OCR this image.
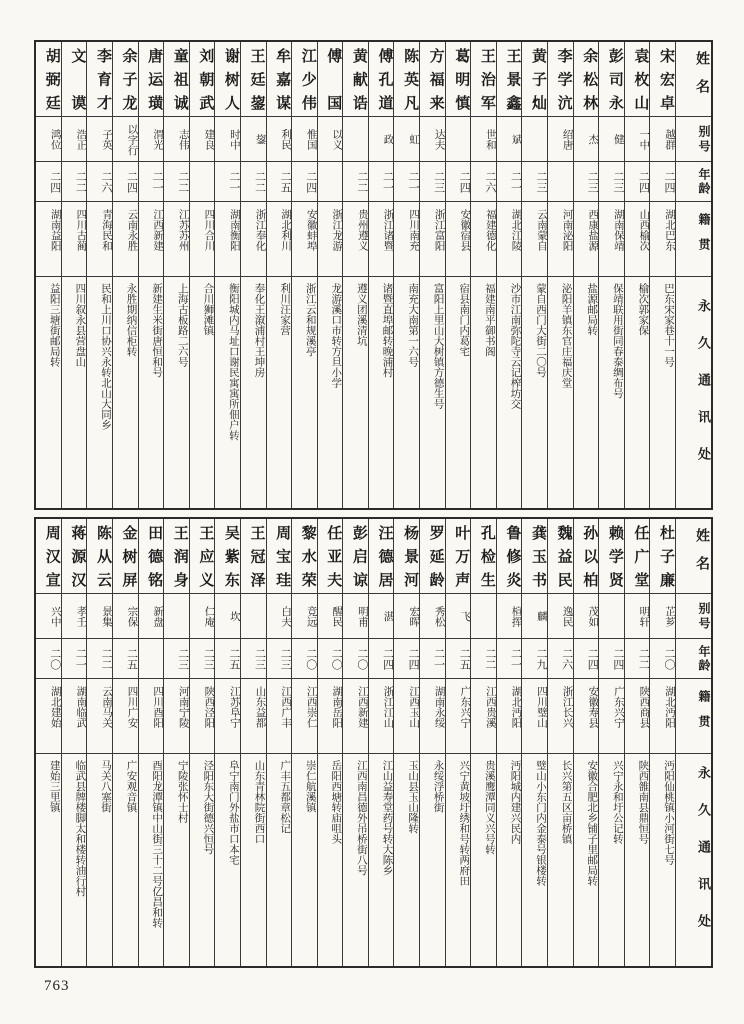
姓名
别号
年龄
籍贯
永久通讯处
宋宏卓
越群
二四
湖北巴东
巴东宋家巷十一号
袁枚山
一中
二四
山西榆次
榆次郭家保
彭司永
健
二三
湖南保靖
保靖联用街同春泰绸布号
余松林
杰
二三
西康盐源
盐源邮局转
李学沆
绍唐
河南泌阳
泌阳羊镇东官庄福庆堂
黄子灿
二三
云南蒙自
蒙自西门大街二〇号
王景鑫
斌
二一
湖北江陵
沙市江南弥陀寺云记榨坊交
王治军
世和
二六
福建德化
福建南平御书阁
葛明慎
二四
安徽宿县
宿县南门内葛宅
方福来
达夫
二三
浙江富阳
富阳上里山大树镇方德生号
陈英凡
虹
二一
四川南充
南充大南第一六号
傅孔道
政
二一
浙江诸暨
诸暨直埠邮转晚浦村
黄献诰
二二
贵州遵义
遵义团溪清坑
傅国
以义
浙江龙游
龙游溪口市转方旦小学
江少伟
惟国
二四
安徽蚌埠
浙江云和规溪亭
牟嘉谋
利民
二五
湖北利川
利川汪家营
王廷鋆
鋆
二二
浙江奉化
奉化王溆浦村王坤房
谢树人
时中
二一
湖南衡阳
衡阳城内马址口谢民寓寓所佃户转
刘朝武
建良
四川合川
合川狮滩镇
童祖诚
志伟
二二
江苏苏州
上海古板路二六号
唐运璜
渭光
二一
江西新建
新建生米街唐恒和号
余子龙
以字行
二四
云南永胜
永胜期纳信柜转
李育才
子英
二六
青海民和
民和上川口协兴永转北山大同乡
文谟
浩正
二二
四川古蔺
四川叙永县营盘山
胡弼廷
鸿位
二四
湖南益阳
益阳三塘街邮局转
姓名
别号
年龄
籍贯
永久通讯处
杜子廉
芷芗
二〇
湖北沔阳
沔阳仙桃镇小河街七号
任广堂
明轩
二二
陕西商县
陕西雒南县鼎恒号
赖学贤
二四
广东兴宁
兴宁永和圩公记转
孙以柏
茂如
二四
安徽寿县
安徽合肥北乡铺子里邮局转
魏益民
逸民
二六
浙江长兴
长兴第五区亩桥镇
龚玉书
麟
二九
四川璧山
璧山小东门内金泰号银楼转
鲁修炎
楦挥
二一
湖北沔阳
沔阳城内建兴民内
孔检生
二二
江西贵溪
贵溪鹰潭同义兴号转
叶万声
飞
二五
广东兴宁
兴宁黄坡圩绣和号转两府田
罗延龄
秀松
二一
湖南永绥
永绥浮桥街
杨景河
宏晖
二四
江西玉山
玉山县玉山隆转
汪德居
湛
二四
浙江江山
江山益寿堂药号转大陈乡
彭启谅
明甫
二〇
江西新建
江西南昌德外吊桥街八号
任亚夫
醒民
二〇
湖南岳阳
岳阳西塘转庙咀头
黎水荣
竞远
二〇
江西崇仁
崇仁航溪镇
周宝珪
白夫
二三
江西广丰
广丰五都章松记
王冠泽
二三
山东益都
山东青林院街西口
吴紫东
坎
二五
江苏阜宁
阜宁南门外盐市口本宅
王应义
仁庵
二三
陕西泾阳
泾阳东大街德兴恒号
王润身
二三
河南宁陵
宁陵张怀士村
田德铭
新盘
四川酉阳
酉阳龙潭镇中山街三十二号亿昌和转
金树屏
宗保
二五
四川广安
广安观音镇
陈从云
景集
二二
云南马关
马关八塞街
蒋源汉
孝壬
二一
湖南临武
临武县牌楼脚太和楼转油行村
周汉宣
兴中
二〇
湖北建始
建始三里镇
763
